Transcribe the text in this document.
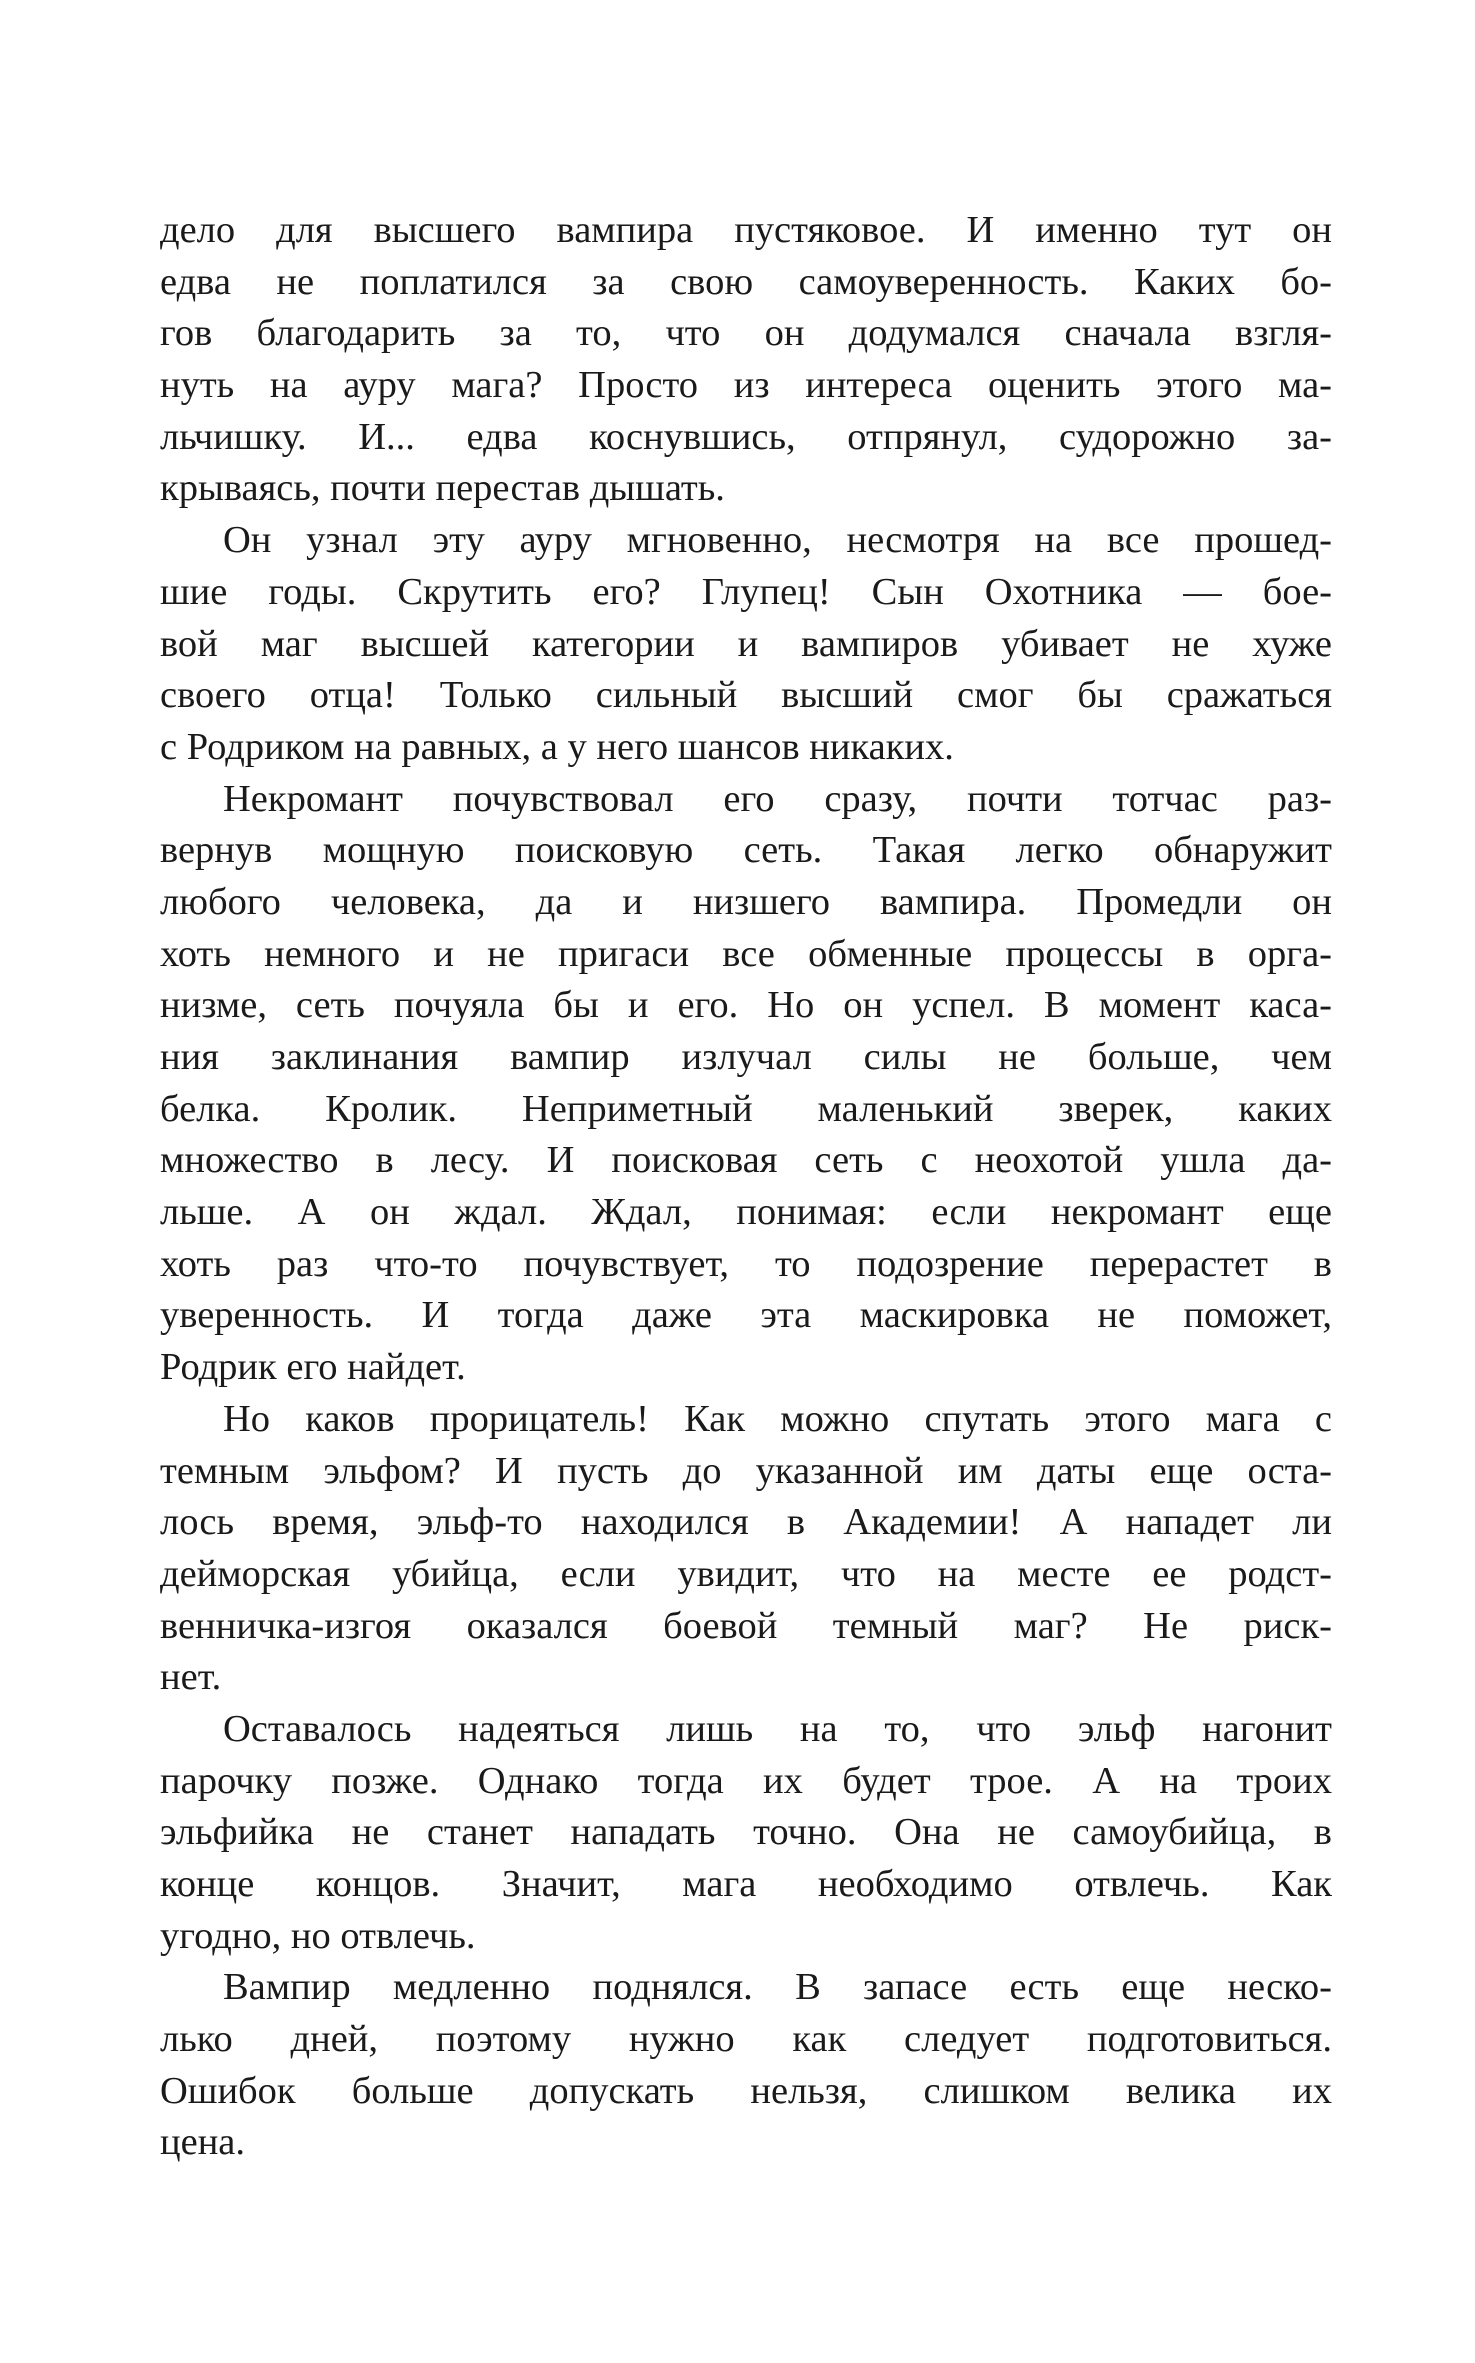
дело для высшего вампира пустяковое. И именно тут он
едва не поплатился за свою самоуверенность. Каких бо-
гов благодарить за то, что он додумался сначала взгля-
нуть на ауру мага? Просто из интереса оценить этого ма-
льчишку. И... едва коснувшись, отпрянул, судорожно за-
крываясь, почти перестав дышать.
Он узнал эту ауру мгновенно, несмотря на все прошед-
шие годы. Скрутить его? Глупец! Сын Охотника — бое-
вой маг высшей категории и вампиров убивает не хуже
своего отца! Только сильный высший смог бы сражаться
с Родриком на равных, а у него шансов никаких.
Некромант почувствовал его сразу, почти тотчас раз-
вернув мощную поисковую сеть. Такая легко обнаружит
любого человека, да и низшего вампира. Промедли он
хоть немного и не пригаси все обменные процессы в орга-
низме, сеть почуяла бы и его. Но он успел. В момент каса-
ния заклинания вампир излучал силы не больше, чем
белка. Кролик. Неприметный маленький зверек, каких
множество в лесу. И поисковая сеть с неохотой ушла да-
льше. А он ждал. Ждал, понимая: если некромант еще
хоть раз что-то почувствует, то подозрение перерастет в
уверенность. И тогда даже эта маскировка не поможет,
Родрик его найдет.
Но каков прорицатель! Как можно спутать этого мага с
темным эльфом? И пусть до указанной им даты еще оста-
лось время, эльф-то находился в Академии! А нападет ли
дейморская убийца, если увидит, что на месте ее родст-
венничка-изгоя оказался боевой темный маг? Не риск-
нет.
Оставалось надеяться лишь на то, что эльф нагонит
парочку позже. Однако тогда их будет трое. А на троих
эльфийка не станет нападать точно. Она не самоубийца, в
конце концов. Значит, мага необходимо отвлечь. Как
угодно, но отвлечь.
Вампир медленно поднялся. В запасе есть еще неско-
лько дней, поэтому нужно как следует подготовиться.
Ошибок больше допускать нельзя, слишком велика их
цена.
